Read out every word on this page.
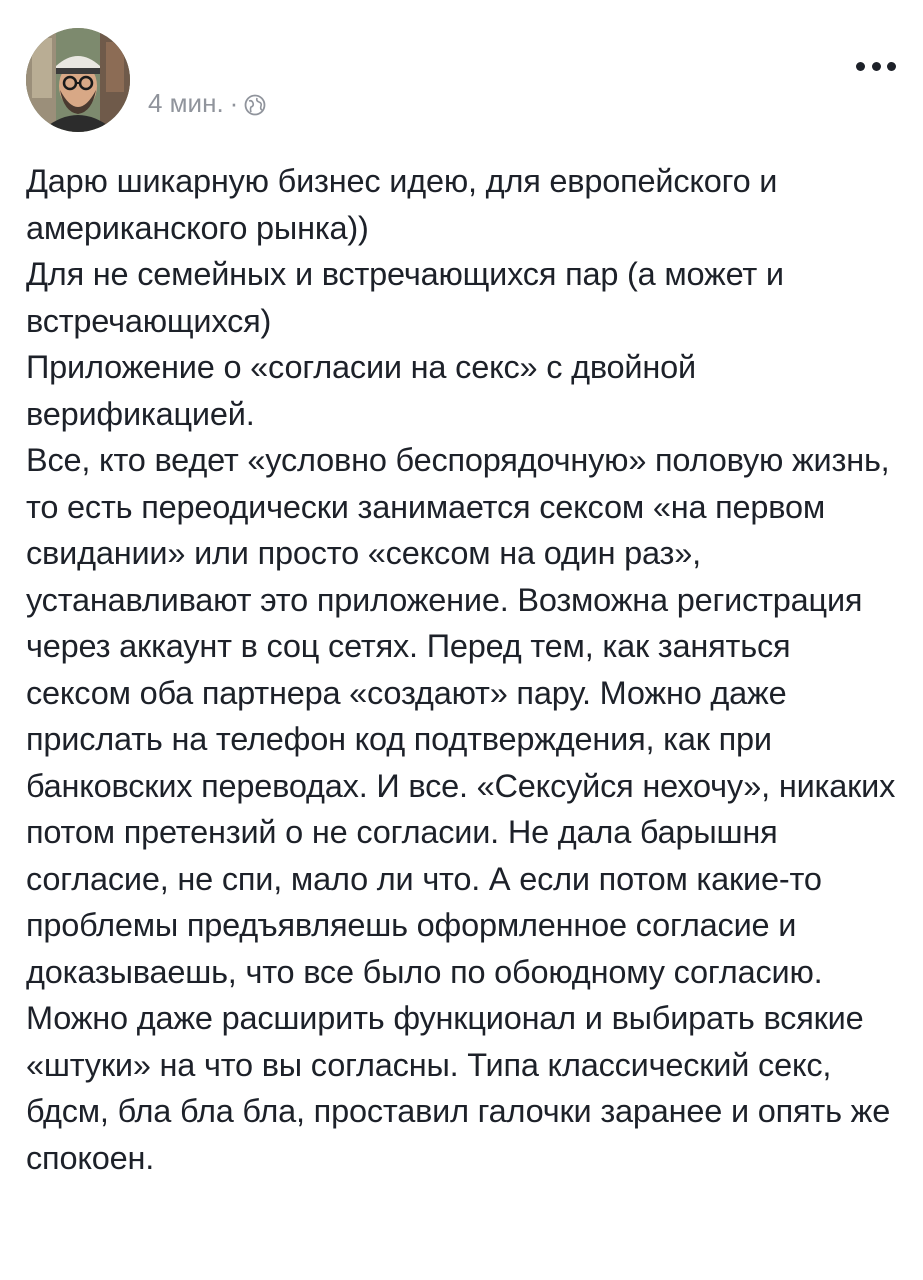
4 мин. ·

Дарю шикарную бизнес идею, для европейского и американского рынка))

Для не семейных и встречающихся пар (а может и встречающихся)

Приложение о «согласии на секс» с двойной верификацией.

Все, кто ведет «условно беспорядочную» половую жизнь, то есть переодически занимается сексом «на первом свидании» или просто «сексом на один раз», устанавливают это приложение. Возможна регистрация через аккаунт в соц сетях. Перед тем, как заняться сексом оба партнера «создают» пару. Можно даже прислать на телефон код подтверждения, как при банковских переводах. И все. «Сексуйся нехочу», никаких потом претензий о не согласии. Не дала барышня согласие, не спи, мало ли что. А если потом какие-то проблемы предъявляешь оформленное согласие и доказываешь, что все было по обоюдному согласию.

Можно даже расширить функционал и выбирать всякие «штуки» на что вы согласны. Типа классический секс, бдсм, бла бла бла, проставил галочки заранее и опять же спокоен.
